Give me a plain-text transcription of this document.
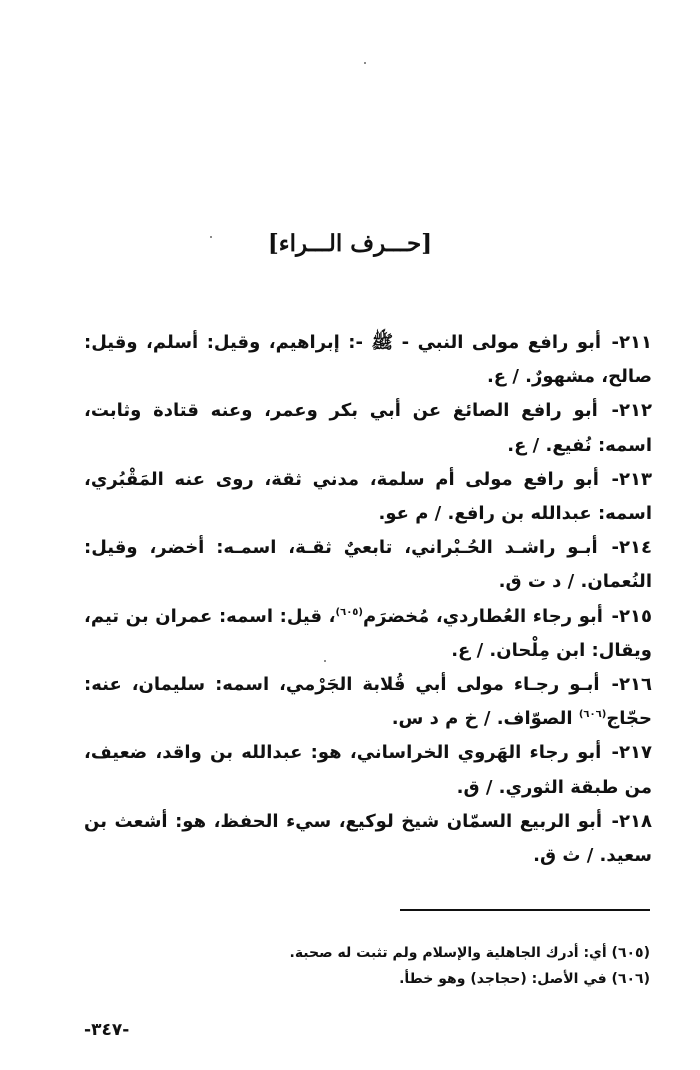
[حـــرف الـــراء]

٢١١- أبو رافع مولى النبي - ﷺ -: إبراهيم، وقيل: أسلم، وقيل: صالح، مشهورٌ. / ع.

٢١٢- أبو رافع الصائغ عن أبي بكر وعمر، وعنه قتادة وثابت، اسمه: نُفيع. / ع.

٢١٣- أبو رافع مولى أم سلمة، مدني ثقة، روى عنه المَقْبُري، اسمه: عبدالله بن رافع. / م عو.

٢١٤- أبـو راشـد الحُـبْراني، تابعيٌ ثقـة، اسمـه: أخضر، وقيل: النُعمان. / د ت ق.

٢١٥- أبو رجاء العُطاردي، مُخضرَم$^{(٦٠٥)}$، قيل: اسمه: عمران بن تيم، ويقال: ابن مِلْحان. / ع.

٢١٦- أبـو رجـاء مولى أبي قُلابة الجَرْمي، اسمه: سليمان، عنه: حجّاج$^{(٦٠٦)}$ الصوّاف. / خ م د س.

٢١٧- أبو رجاء الهَروي الخراساني، هو: عبدالله بن واقد، ضعيف، من طبقة الثوري. / ق.

٢١٨- أبو الربيع السمّان شيخ لوكيع، سيء الحفظ، هو: أشعث بن سعيد. / ث ق.

(٦٠٥) أي: أدرك الجاهلية والإسلام ولم تثبت له صحبة.

(٦٠٦) في الأصل: (حجاجد) وهو خطأ.

-٣٤٧-
